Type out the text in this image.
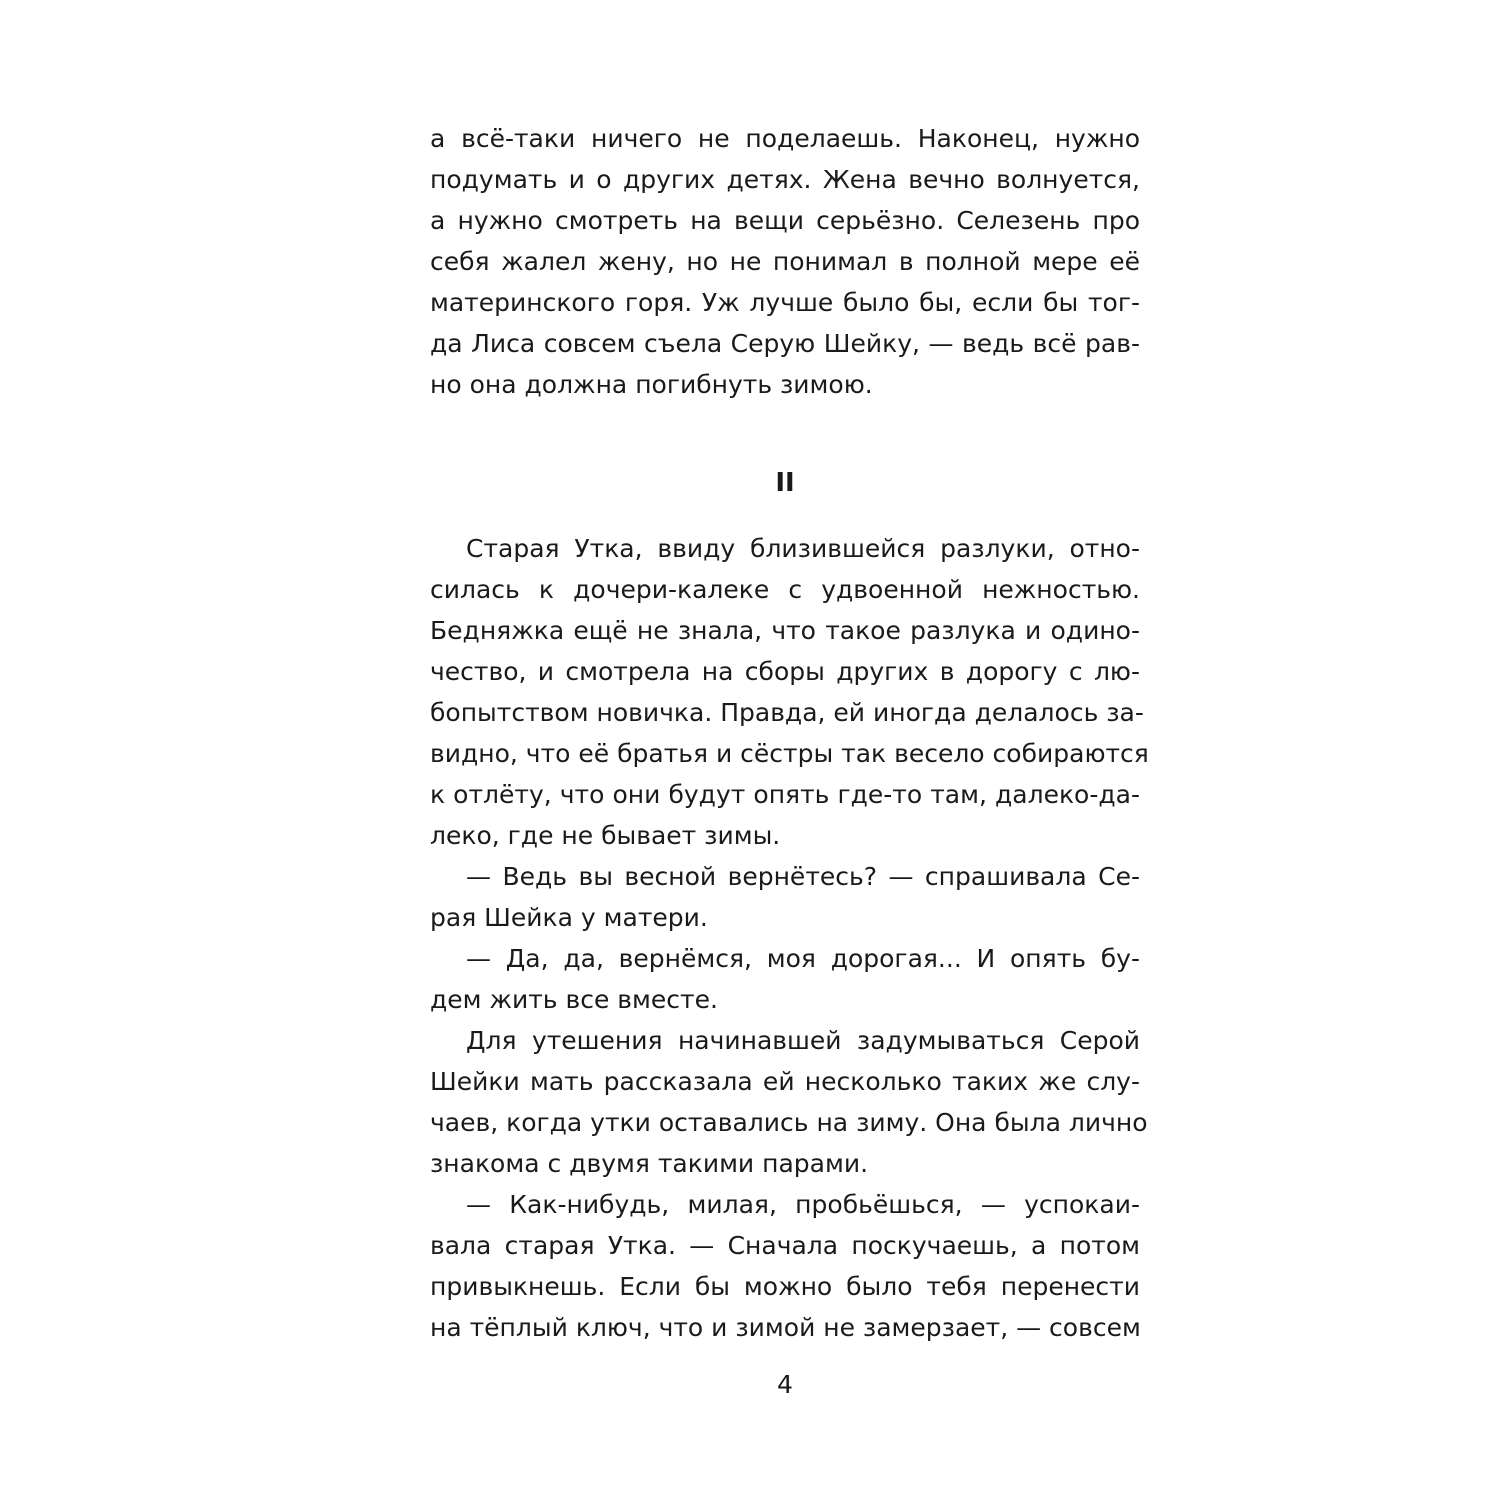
а всё-таки ничего не поделаешь. Наконец, нужно
подумать и о других детях. Жена вечно волнуется,
а нужно смотреть на вещи серьёзно. Селезень про
себя жалел жену, но не понимал в полной мере её
материнского горя. Уж лучше было бы, если бы тог-
да Лиса совсем съела Серую Шейку, — ведь всё рав-
но она должна погибнуть зимою.
II
Старая Утка, ввиду близившейся разлуки, отно-
силась к дочери-калеке с удвоенной нежностью.
Бедняжка ещё не знала, что такое разлука и одино-
чество, и смотрела на сборы других в дорогу с лю-
бопытством новичка. Правда, ей иногда делалось за-
видно, что её братья и сёстры так весело собираются
к отлёту, что они будут опять где-то там, далеко-да-
леко, где не бывает зимы.
— Ведь вы весной вернётесь? — спрашивала Се-
рая Шейка у матери.
— Да, да, вернёмся, моя дорогая... И опять бу-
дем жить все вместе.
Для утешения начинавшей задумываться Серой
Шейки мать рассказала ей несколько таких же слу-
чаев, когда утки оставались на зиму. Она была лично
знакома с двумя такими парами.
— Как-нибудь, милая, пробьёшься, — успокаи-
вала старая Утка. — Сначала поскучаешь, а потом
привыкнешь. Если бы можно было тебя перенести
на тёплый ключ, что и зимой не замерзает, — совсем
4
